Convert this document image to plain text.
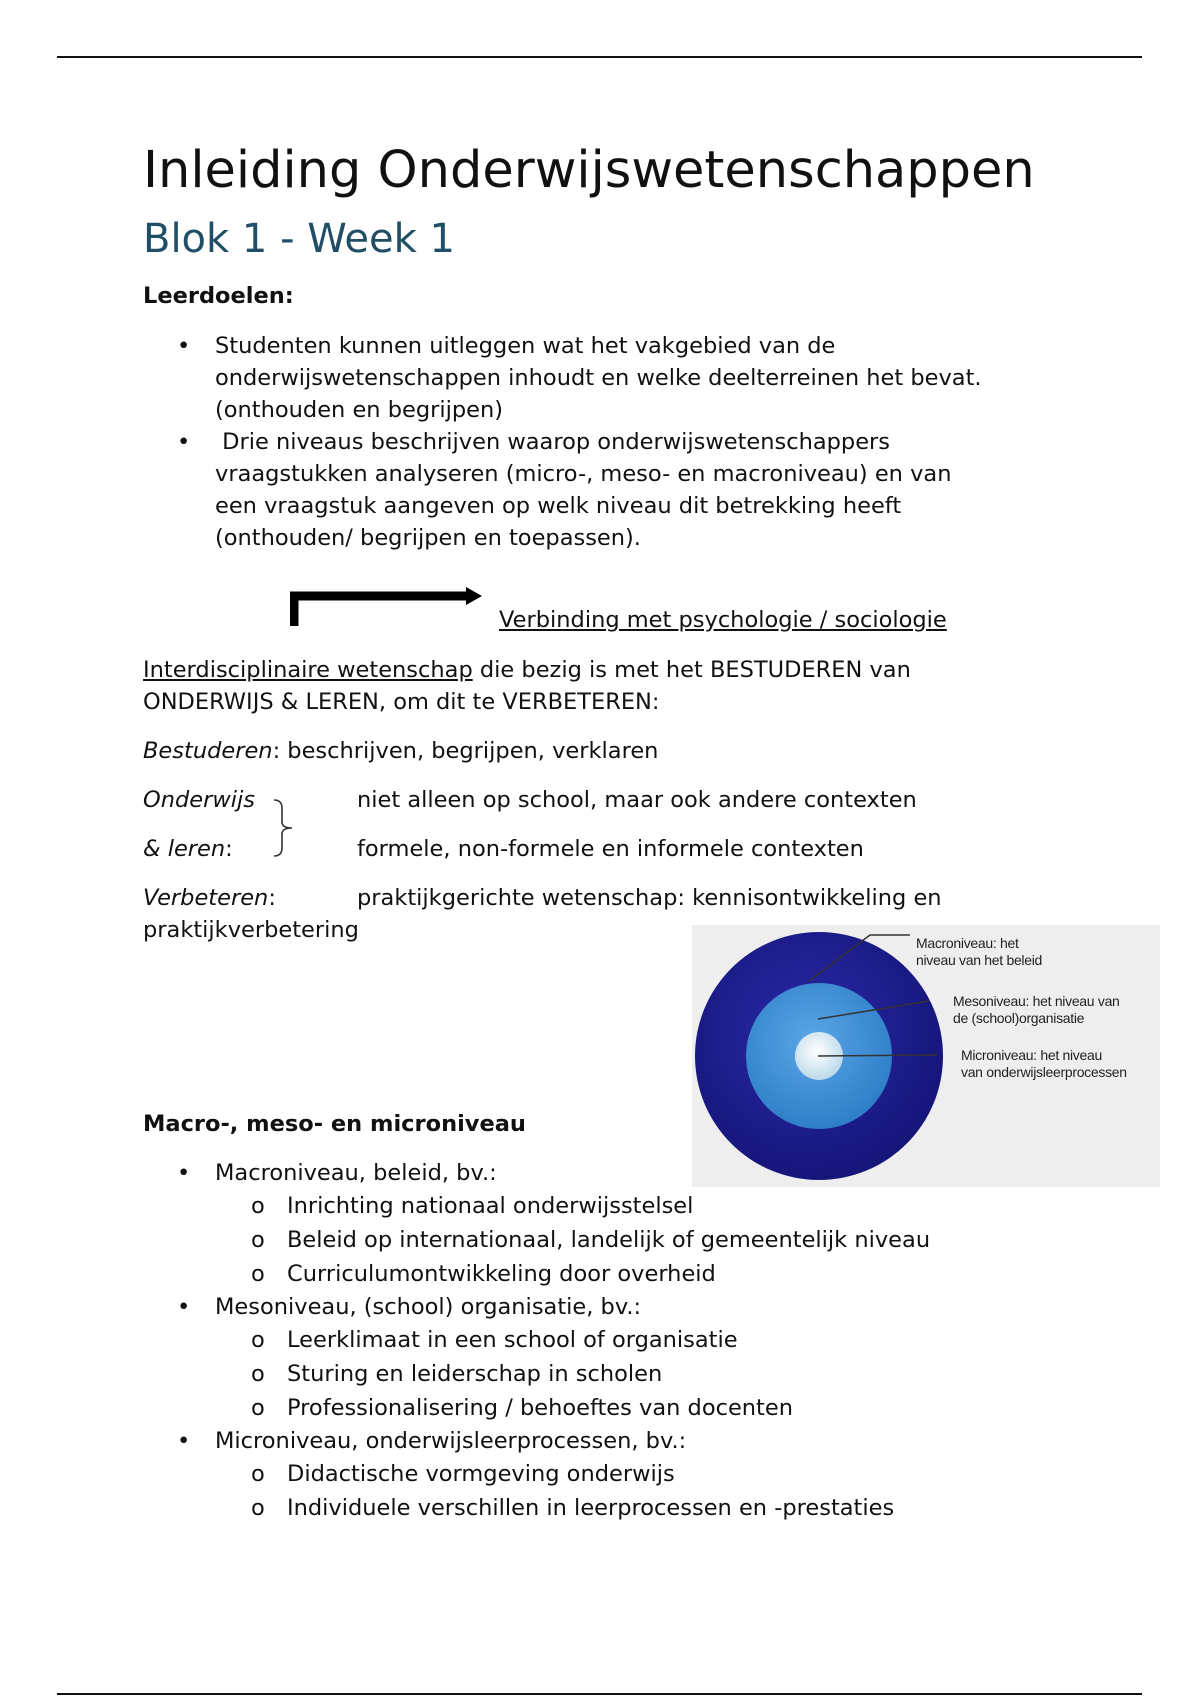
Inleiding Onderwijswetenschappen
Blok 1 - Week 1
Leerdoelen:
• Studenten kunnen uitleggen wat het vakgebied van de
onderwijswetenschappen inhoudt en welke deelterreinen het bevat.
(onthouden en begrijpen)
• Drie niveaus beschrijven waarop onderwijswetenschappers
vraagstukken analyseren (micro-, meso- en macroniveau) en van
een vraagstuk aangeven op welk niveau dit betrekking heeft
(onthouden/ begrijpen en toepassen).
Verbinding met psychologie / sociologie
Interdisciplinaire wetenschap die bezig is met het BESTUDEREN van
ONDERWIJS & LEREN, om dit te VERBETEREN:
Bestuderen: beschrijven, begrijpen, verklaren
Onderwijs	niet alleen op school, maar ook andere contexten
& leren:	formele, non-formele en informele contexten
Verbeteren:	praktijkgerichte wetenschap: kennisontwikkeling en
praktijkverbetering	Macroniveau: het
niveau van het beleid
Mesoniveau: het niveau van
de (school)organisatie
Microniveau: het niveau
van onderwijsleerprocessen
Macro-, meso- en microniveau
• Macroniveau, beleid, bv.:
o Inrichting nationaal onderwijsstelsel
o Beleid op internationaal, landelijk of gemeentelijk niveau
o Curriculumontwikkeling door overheid
• Mesoniveau, (school) organisatie, bv.:
o Leerklimaat in een school of organisatie
o Sturing en leiderschap in scholen
o Professionalisering / behoeftes van docenten
• Microniveau, onderwijsleerprocessen, bv.:
o Didactische vormgeving onderwijs
o Individuele verschillen in leerprocessen en -prestaties
